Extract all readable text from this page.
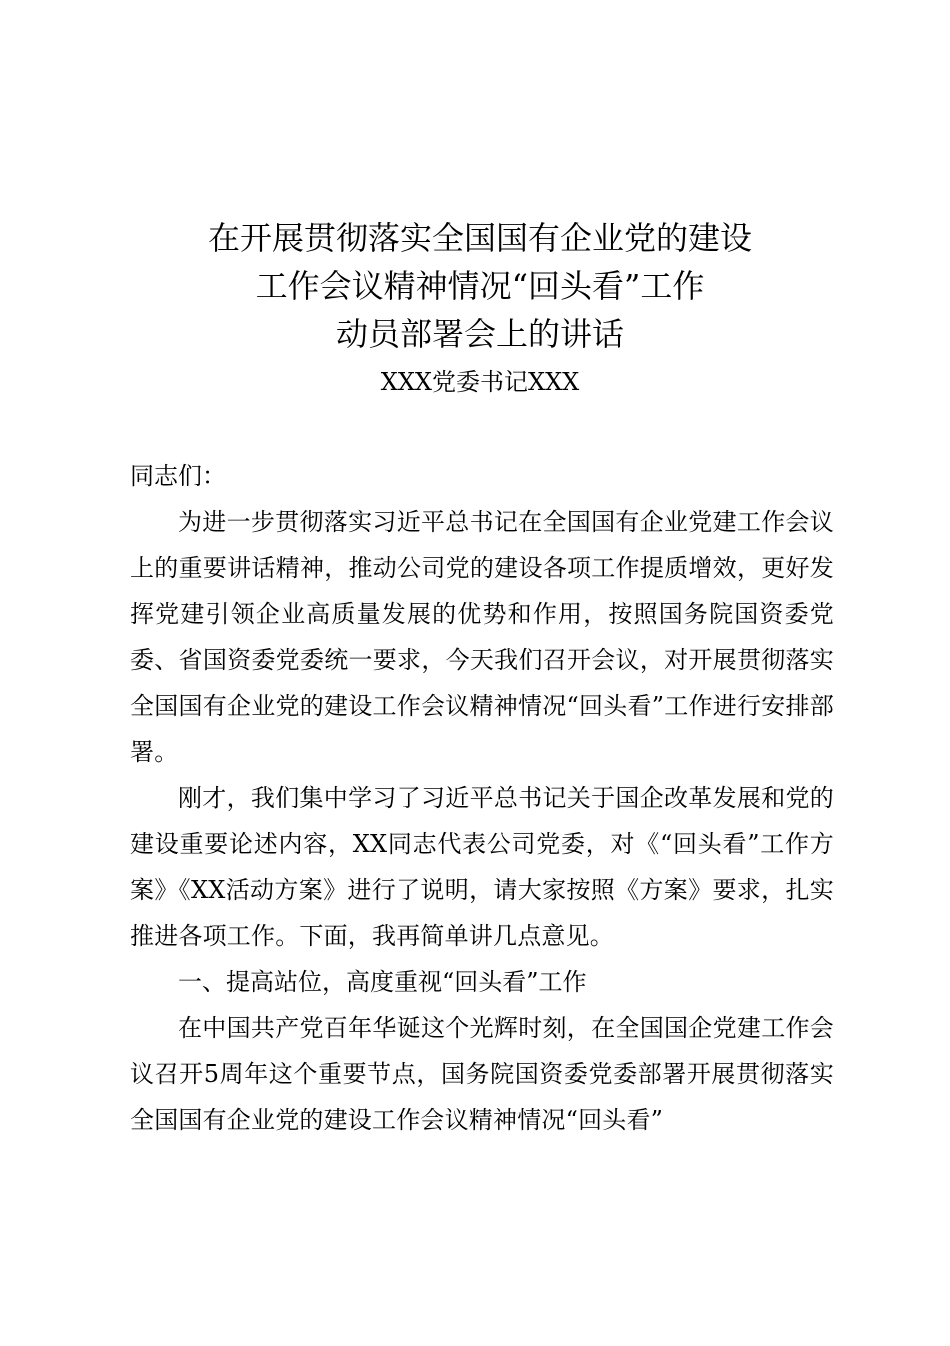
在开展贯彻落实全国国有企业党的建设
工作会议精神情况“回头看”工作
动员部署会上的讲话
XXX党委书记XXX
同志们：

为进一步贯彻落实习近平总书记在全国国有企业党建工作会议上的重要讲话精神，推动公司党的建设各项工作提质增效，更好发挥党建引领企业高质量发展的优势和作用，按照国务院国资委党委、省国资委党委统一要求，今天我们召开会议，对开展贯彻落实全国国有企业党的建设工作会议精神情况“回头看”工作进行安排部署。

刚才，我们集中学习了习近平总书记关于国企改革发展和党的建设重要论述内容，XX同志代表公司党委，对《“回头看”工作方案》《XX活动方案》进行了说明，请大家按照《方案》要求，扎实推进各项工作。下面，我再简单讲几点意见。

一、提高站位，高度重视“回头看”工作

在中国共产党百年华诞这个光辉时刻，在全国国企党建工作会议召开5周年这个重要节点，国务院国资委党委部署开展贯彻落实全国国有企业党的建设工作会议精神情况“回头看”
